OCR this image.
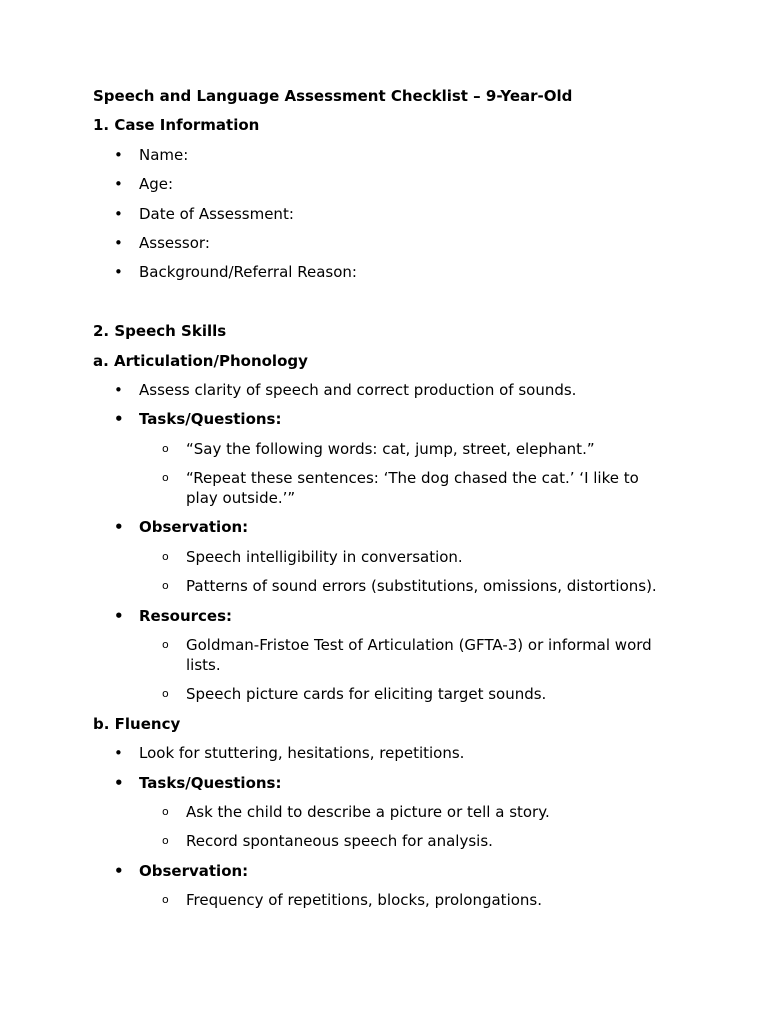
Speech and Language Assessment Checklist – 9-Year-Old
1. Case Information
• Name:
• Age:
• Date of Assessment:
• Assessor:
• Background/Referral Reason:
2. Speech Skills
a. Articulation/Phonology
• Assess clarity of speech and correct production of sounds.
• Tasks/Questions:
o “Say the following words: cat, jump, street, elephant.”
o “Repeat these sentences: ‘The dog chased the cat.’ ‘I like to
play outside.’”
• Observation:
o Speech intelligibility in conversation.
o Patterns of sound errors (substitutions, omissions, distortions).
• Resources:
o Goldman-Fristoe Test of Articulation (GFTA-3) or informal word
lists.
o Speech picture cards for eliciting target sounds.
b. Fluency
• Look for stuttering, hesitations, repetitions.
• Tasks/Questions:
o Ask the child to describe a picture or tell a story.
o Record spontaneous speech for analysis.
• Observation:
o Frequency of repetitions, blocks, prolongations.
